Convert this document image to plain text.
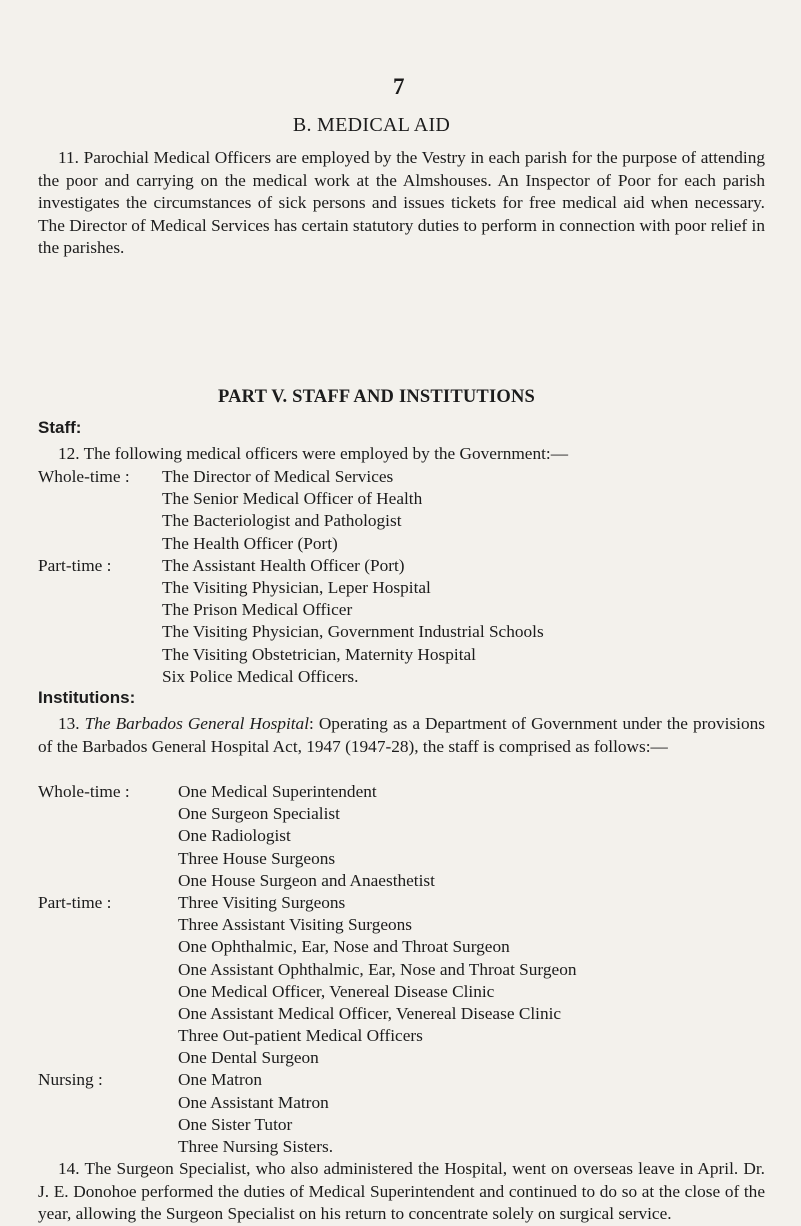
7
B. MEDICAL AID

11. Parochial Medical Officers are employed by the Vestry in each parish for the purpose of attending the poor and carrying on the medical work at the Almshouses. An Inspector of Poor for each parish investigates the circumstances of sick persons and issues tickets for free medical aid when necessary. The Director of Medical Services has certain statutory duties to perform in connection with poor relief in the parishes.

PART V. STAFF AND INSTITUTIONS
Staff:

12. The following medical officers were employed by the Government:—

Whole-time :	The Director of Medical Services
The Senior Medical Officer of Health
The Bacteriologist and Pathologist
The Health Officer (Port)
Part-time :	The Assistant Health Officer (Port)
The Visiting Physician, Leper Hospital
The Prison Medical Officer
The Visiting Physician, Government Industrial Schools
The Visiting Obstetrician, Maternity Hospital
Six Police Medical Officers.
Institutions:

13. The Barbados General Hospital: Operating as a Department of Government under the provisions of the Barbados General Hospital Act, 1947 (1947-28), the staff is comprised as follows:—

Whole-time :	One Medical Superintendent
One Surgeon Specialist
One Radiologist
Three House Surgeons
One House Surgeon and Anaesthetist
Part-time :	Three Visiting Surgeons
Three Assistant Visiting Surgeons
One Ophthalmic, Ear, Nose and Throat Surgeon
One Assistant Ophthalmic, Ear, Nose and Throat Surgeon
One Medical Officer, Venereal Disease Clinic
One Assistant Medical Officer, Venereal Disease Clinic
Three Out-patient Medical Officers
One Dental Surgeon
Nursing :	One Matron
One Assistant Matron
One Sister Tutor
Three Nursing Sisters.

14. The Surgeon Specialist, who also administered the Hospital, went on overseas leave in April. Dr. J. E. Donohoe performed the duties of Medical Superintendent and continued to do so at the close of the year, allowing the Surgeon Specialist on his return to concentrate solely on surgical service.
